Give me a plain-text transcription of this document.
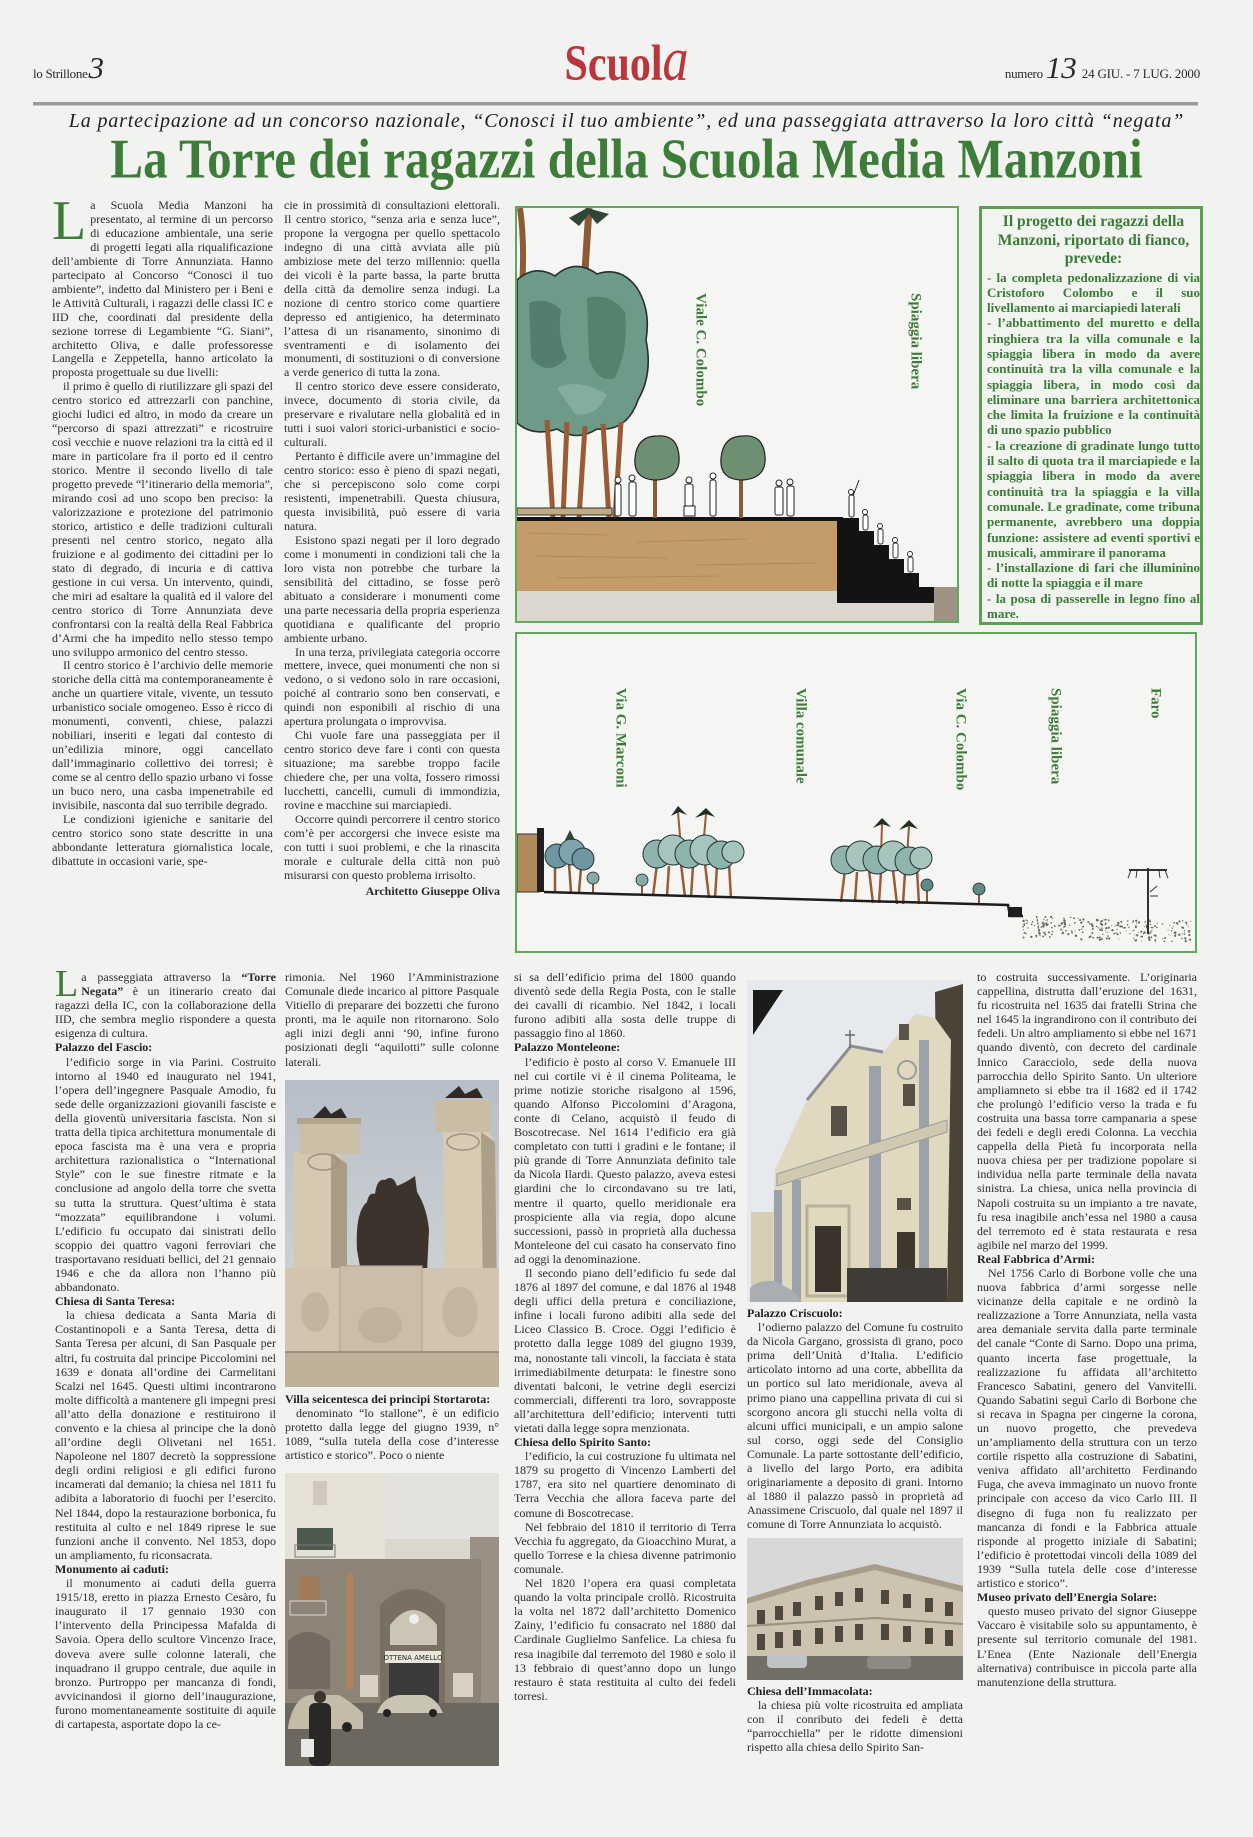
lo Strillone3	Scuola	numero13 24 GIU. - 7 LUG. 2000
La partecipazione ad un concorso nazionale, “Conosci il tuo ambiente”, ed una passeggiata attraverso la loro città “negata”
La Torre dei ragazzi della Scuola Media Manzoni

La Scuola Media Manzoni ha presentato, al termine di un percorso di educazione ambientale, una serie di progetti legati alla riqualificazione dell’ambiente di Torre Annunziata. Hanno partecipato al Concorso “Conosci il tuo ambiente”, indetto dal Ministero per i Beni e le Attività Culturali, i ragazzi delle classi IC e IID che, coordinati dal presidente della sezione torrese di Legambiente “G. Siani”, architetto Oliva, e dalle professoresse Langella e Zeppetella, hanno articolato la proposta progettuale su due livelli:

il primo è quello di riutilizzare gli spazi del centro storico ed attrezzarli con panchine, giochi ludici ed altro, in modo da creare un “percorso di spazi attrezzati” e ricostruire così vecchie e nuove relazioni tra la città ed il mare in particolare fra il porto ed il centro storico. Mentre il secondo livello di tale progetto prevede “l’itinerario della memoria”, mirando così ad uno scopo ben preciso: la valorizzazione e protezione del patrimonio storico, artistico e delle tradizioni culturali presenti nel centro storico, negato alla fruizione e al godimento dei cittadini per lo stato di degrado, di incuria e di cattiva gestione in cui versa. Un intervento, quindi, che miri ad esaltare la qualità ed il valore del centro storico di Torre Annunziata deve confrontarsi con la realtà della Real Fabbrica d’Armi che ha impedito nello stesso tempo uno sviluppo armonico del centro stesso.

Il centro storico è l’archivio delle memorie storiche della città ma contemporaneamente è anche un quartiere vitale, vivente, un tessuto urbanistico sociale omogeneo. Esso è ricco di monumenti, conventi, chiese, palazzi nobiliari, inseriti e legati dal contesto di un’edilizia minore, oggi cancellato dall’immaginario collettivo dei torresi; è come se al centro dello spazio urbano vi fosse un buco nero, una casba impenetrabile ed invisibile, nasconta dal suo terribile degrado.

Le condizioni igieniche e sanitarie del centro storico sono state descritte in una abbondante letteratura giornalistica locale, dibattute in occasioni varie, spe-

cie in prossimità di consultazioni elettorali. Il centro storico, “senza aria e senza luce”, propone la vergogna per quello spettacolo indegno di una città avviata alle più ambiziose mete del terzo millennio: quella dei vicoli è la parte bassa, la parte brutta della città da demolire senza indugi. La nozione di centro storico come quartiere depresso ed antigienico, ha determinato l’attesa di un risanamento, sinonimo di sventramenti e di isolamento dei monumenti, di sostituzioni o di conversione a verde generico di tutta la zona.

Il centro storico deve essere considerato, invece, documento di storia civile, da preservare e rivalutare nella globalità ed in tutti i suoi valori storici-urbanistici e socio-culturali.

Pertanto è difficile avere un’immagine del centro storico: esso è pieno di spazi negati, che si percepiscono solo come corpi resistenti, impenetrabili. Questa chiusura, questa invisibilità, può essere di varia natura.

Esistono spazi negati per il loro degrado come i monumenti in condizioni tali che la loro vista non potrebbe che turbare la sensibilità del cittadino, se fosse però abituato a considerare i monumenti come una parte necessaria della propria esperienza quotidiana e qualificante del proprio ambiente urbano.

In una terza, privilegiata categoria occorre mettere, invece, quei monumenti che non si vedono, o si vedono solo in rare occasioni, poiché al contrario sono ben conservati, e quindi non esponibili al rischio di una apertura prolungata o improvvisa.

Chi vuole fare una passeggiata per il centro storico deve fare i conti con questa situazione; ma sarebbe troppo facile chiedere che, per una volta, fossero rimossi lucchetti, cancelli, cumuli di immondizia, rovine e macchine sui marciapiedi.

Occorre quindi percorrere il centro storico com’è per accorgersi che invece esiste ma con tutti i suoi problemi, e che la rinascita morale e culturale della città non può misurarsi con questo problema irrisolto.

Architetto Giuseppe Oliva

Viale C. Colombo	Spiaggia libera
Il progetto dei ragazzi della Manzoni, riportato di fianco, prevede:
- la completa pedonalizzazione di via Cristoforo Colombo e il suo livellamento ai marciapiedi laterali
- l’abbattimento del muretto e della ringhiera tra la villa comunale e la spiaggia libera in modo da avere continuità tra la villa comunale e la spiaggia libera, in modo così da eliminare una barriera architettonica che limita la fruizione e la continuità di uno spazio pubblico
- la creazione di gradinate lungo tutto il salto di quota tra il marciapiede e la spiaggia libera in modo da avere continuità tra la spiaggia e la villa comunale. Le gradinate, come tribuna permanente, avrebbero una doppia funzione: assistere ad eventi sportivi e musicali, ammirare il panorama
- l’installazione di fari che illuminino di notte la spiaggia e il mare
- la posa di passerelle in legno fino al mare.
Via G. Marconi	Villa comunale	Via C. Colombo	Spiaggia libera	Faro

La passeggiata attraverso la “Torre Negata” è un itinerario creato dai ragazzi della IC, con la collaborazione della IID, che sembra meglio rispondere a questa esigenza di cultura.

Palazzo del Fascio:

l’edificio sorge in via Parini. Costruito intorno al 1940 ed inaugurato nel 1941, l’opera dell’ingegnere Pasquale Amodio, fu sede delle organizzazioni giovanili fasciste e della gioventù universitaria fascista. Non si tratta della tipica architettura monumentale di epoca fascista ma è una vera e propria architettura razionalistica o “International Style” con le sue finestre ritmate e la conclusione ad angolo della torre che svetta su tutta la struttura. Quest’ultima è stata “mozzata” equilibrandone i volumi. L’edificio fu occupato dai sinistrati dello scoppio dei quattro vagoni ferroviari che trasportavano residuati bellici, del 21 gennaio 1946 e che da allora non l’hanno più abbandonato.

Chiesa di Santa Teresa:

la chiesa dedicata a Santa Maria di Costantinopoli e a Santa Teresa, detta di Santa Teresa per alcuni, di San Pasquale per altri, fu costruita dal principe Piccolomini nel 1639 e donata all’ordine dei Carmelitani Scalzi nel 1645. Questi ultimi incontrarono molte difficoltà a mantenere gli impegni presi all’atto della donazione e restituirono il convento e la chiesa al principe che la donò all’ordine degli Olivetani nel 1651. Napoleone nel 1807 decretò la soppressione degli ordini religiosi e gli edifici furono incamerati dal demanio; la chiesa nel 1811 fu adibita a laboratorio di fuochi per l’esercito. Nel 1844, dopo la restaurazione borbonica, fu restituita al culto e nel 1849 riprese le sue funzioni anche il convento. Nel 1853, dopo un ampliamento, fu riconsacrata.

Monumento ai caduti:

il monumento ai caduti della guerra 1915/18, eretto in piazza Ernesto Cesàro, fu inaugurato il 17 gennaio 1930 con l’intervento della Principessa Mafalda di Savoia. Opera dello scultore Vincenzo Irace, doveva avere sulle colonne laterali, che inquadrano il gruppo centrale, due aquile in bronzo. Purtroppo per mancanza di fondi, avvicinandosi il giorno dell’inaugurazione, furono momentaneamente sostituite di aquile di cartapesta, asportate dopo la ce-

rimonia. Nel 1960 l’Amministrazione Comunale diede incarico al pittore Pasquale Vitiello di preparare dei bozzetti che furono pronti, ma le aquile non ritornarono. Solo agli inizi degli anni ‘90, infine furono posizionati degli “aquilotti” sulle colonne laterali.

Villa seicentesca dei principi Stortarota:

denominato “lo stallone”, è un edificio protetto dalla legge del giugno 1939, n° 1089, “sulla tutela della cose d’interesse artistico e storico”. Poco o niente

OTTENA AMELLO

si sa dell’edificio prima del 1800 quando diventò sede della Regia Posta, con le stalle dei cavalli di ricambio. Nel 1842, i locali furono adibiti alla sosta delle truppe di passaggio fino al 1860.

Palazzo Monteleone:

l’edificio è posto al corso V. Emanuele III nel cui cortile vi è il cinema Politeama, le prime notizie storiche risalgono al 1596, quando Alfonso Piccolomini d’Aragona, conte di Celano, acquistò il feudo di Boscotrecase. Nel 1614 l’edificio era già completato con tutti i gradini e le fontane; il più grande di Torre Annunziata definito tale da Nicola Ilardi. Questo palazzo, aveva estesi giardini che lo circondavano su tre lati, mentre il quarto, quello meridionale era prospiciente alla via regia, dopo alcune successioni, passò in proprietà alla duchessa Monteleone del cui casato ha conservato fino ad oggi la denominazione.

Il secondo piano dell’edificio fu sede dal 1876 al 1897 del comune, e dal 1876 al 1948 degli uffici della pretura e conciliazione, infine i locali furono adibiti alla sede del Liceo Classico B. Croce. Oggi l’edificio è protetto dalla legge 1089 del giugno 1939, ma, nonostante tali vincoli, la facciata è stata irrimediabilmente deturpata: le finestre sono diventati balconi, le vetrine degli esercizi commerciali, differenti tra loro, sovrapposte all’architettura dell’edificio; interventi tutti vietati dalla legge sopra menzionata.

Chiesa dello Spirito Santo:

l’edificio, la cui costruzione fu ultimata nel 1879 su progetto di Vincenzo Lamberti del 1787, era sito nel quartiere denominato di Terra Vecchia che allora faceva parte del comune di Boscotrecase.

Nel febbraio del 1810 il territorio di Terra Vecchia fu aggregato, da Gioacchino Murat, a quello Torrese e la chiesa divenne patrimonio comunale.

Nel 1820 l’opera era quasi completata quando la volta principale crollò. Ricostruita la volta nel 1872 dall’architetto Domenico Zainy, l’edificio fu consacrato nel 1880 dal Cardinale Guglielmo Sanfelice. La chiesa fu resa inagibile dal terremoto del 1980 e solo il 13 febbraio di quest’anno dopo un lungo restauro è stata restituita al culto dei fedeli torresi.

Palazzo Criscuolo:

l’odierno palazzo del Comune fu costruito da Nicola Gargano, grossista di grano, poco prima dell’Unità d’Italia. L’edificio articolato intorno ad una corte, abbellita da un portico sul lato meridionale, aveva al primo piano una cappellina privata di cui si scorgono ancora gli stucchi nella volta di alcuni uffici municipali, e un ampio salone sul corso, oggi sede del Consiglio Comunale. La parte sottostante dell’edificio, a livello del largo Porto, era adibita originariamente a deposito di grani. Intorno al 1880 il palazzo passò in proprietà ad Anassimene Criscuolo, dal quale nel 1897 il comune di Torre Annunziata lo acquistò.

Chiesa dell’Immacolata:

la chiesa più volte ricostruita ed ampliata con il conributo dei fedeli è detta “parrocchiella” per le ridotte dimensioni rispetto alla chiesa dello Spirito San-

to costruita successivamente. L’originaria cappellina, distrutta dall’eruzione del 1631, fu ricostruita nel 1635 dai fratelli Strina che nel 1645 la ingrandirono con il contributo dei fedeli. Un altro ampliamento si ebbe nel 1671 quando diventò, con decreto del cardinale Innico Caracciolo, sede della nuova parrocchia dello Spirito Santo. Un ulteriore ampliamneto si ebbe tra il 1682 ed il 1742 che prolungò l’edificio verso la trada e fu costruita una bassa torre campanaria a spese dei fedeli e degli eredi Colonna. La vecchia cappella della Pietà fu incorporata nella nuova chiesa per per tradizione popolare si individua nella parte terminale della navata sinistra. La chiesa, unica nella provincia di Napoli costruita su un impianto a tre navate, fu resa inagibile anch’essa nel 1980 a causa del terremoto ed è stata restaurata e resa agibile nel marzo del 1999.

Real Fabbrica d’Armi:

Nel 1756 Carlo di Borbone volle che una nuova fabbrica d’armi sorgesse nelle vicinanze della capitale e ne ordinò la realizzazione a Torre Annunziata, nella vasta area demaniale servita dalla parte terminale del canale “Conte di Sarno. Dopo una prima, quanto incerta fase progettuale, la realizzazione fu affidata all’architetto Francesco Sabatini, genero del Vanvitelli. Quando Sabatini seguì Carlo di Borbone che si recava in Spagna per cingerne la corona, un nuovo progetto, che prevedeva un’ampliamento della struttura con un terzo cortile rispetto alla costruzione di Sabatini, veniva affidato all’architetto Ferdinando Fuga, che aveva immaginato un nuovo fronte principale con acceso da vico Carlo III. Il disegno di fuga non fu realizzato per mancanza di fondi e la Fabbrica attuale risponde al progetto iniziale di Sabatini; l’edificio è protettodai vincoli della 1089 del 1939 “Sulla tutela delle cose d’interesse artistico e storico”.

Museo privato dell’Energia Solare:

questo museo privato del signor Giuseppe Vaccaro è visitabile solo su appuntamento, è presente sul territorio comunale del 1981. L’Enea (Ente Nazionale dell’Energia alternativa) contribuisce in piccola parte alla manutenzione della struttura.
